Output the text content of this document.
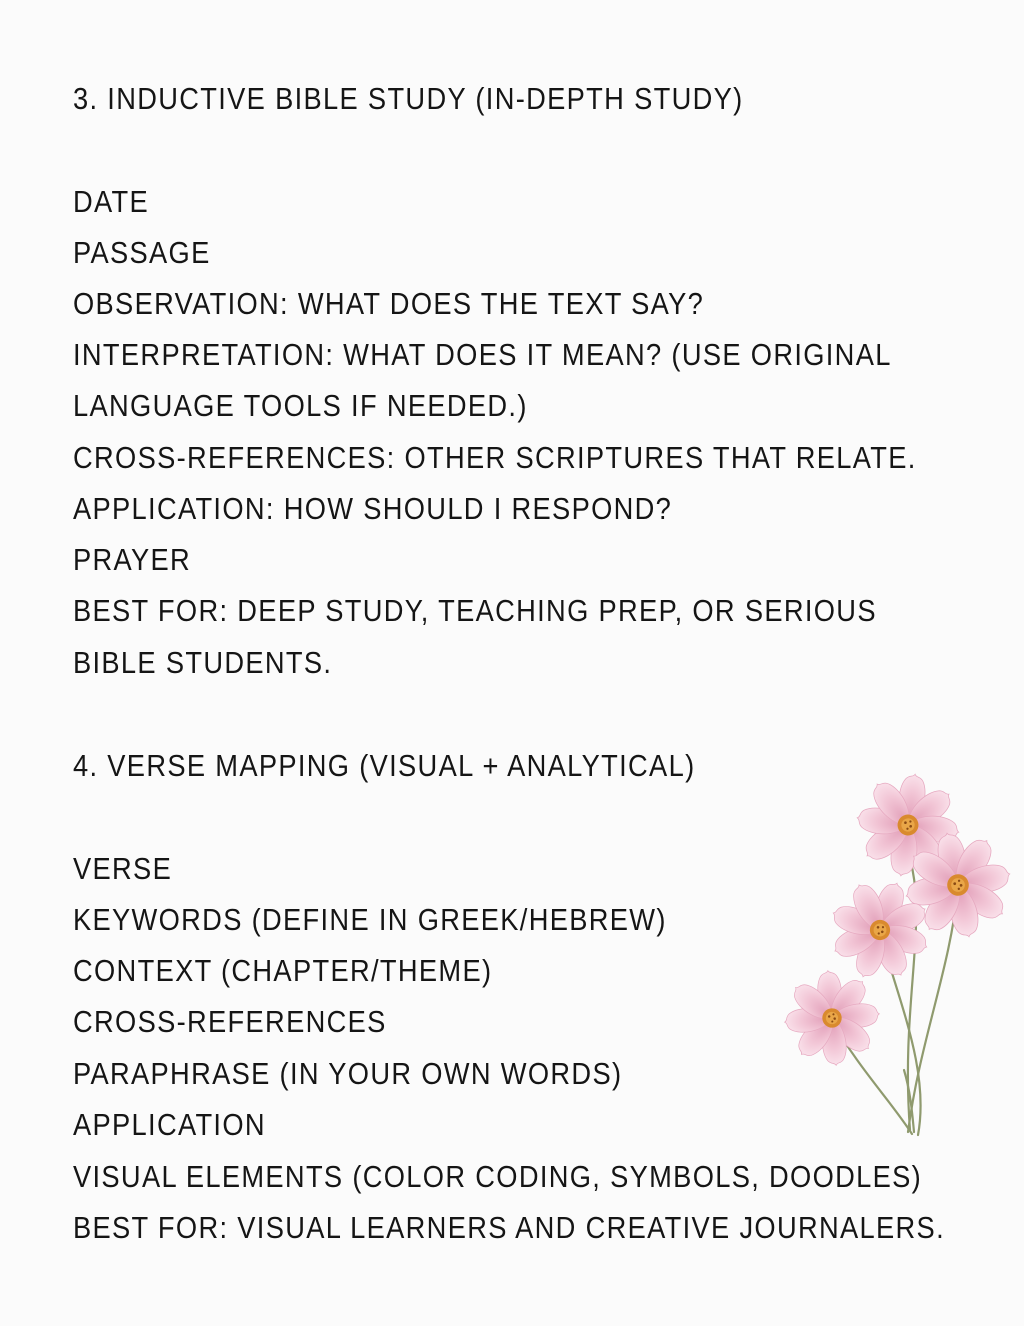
3. INDUCTIVE BIBLE STUDY (IN-DEPTH STUDY)
DATE
PASSAGE
OBSERVATION: WHAT DOES THE TEXT SAY?
INTERPRETATION: WHAT DOES IT MEAN? (USE ORIGINAL
LANGUAGE TOOLS IF NEEDED.)
CROSS-REFERENCES: OTHER SCRIPTURES THAT RELATE.
APPLICATION: HOW SHOULD I RESPOND?
PRAYER
BEST FOR: DEEP STUDY, TEACHING PREP, OR SERIOUS
BIBLE STUDENTS.
4. VERSE MAPPING (VISUAL + ANALYTICAL)
VERSE
KEYWORDS (DEFINE IN GREEK/HEBREW)
CONTEXT (CHAPTER/THEME)
CROSS-REFERENCES
PARAPHRASE (IN YOUR OWN WORDS)
APPLICATION
VISUAL ELEMENTS (COLOR CODING, SYMBOLS, DOODLES)
BEST FOR: VISUAL LEARNERS AND CREATIVE JOURNALERS.
